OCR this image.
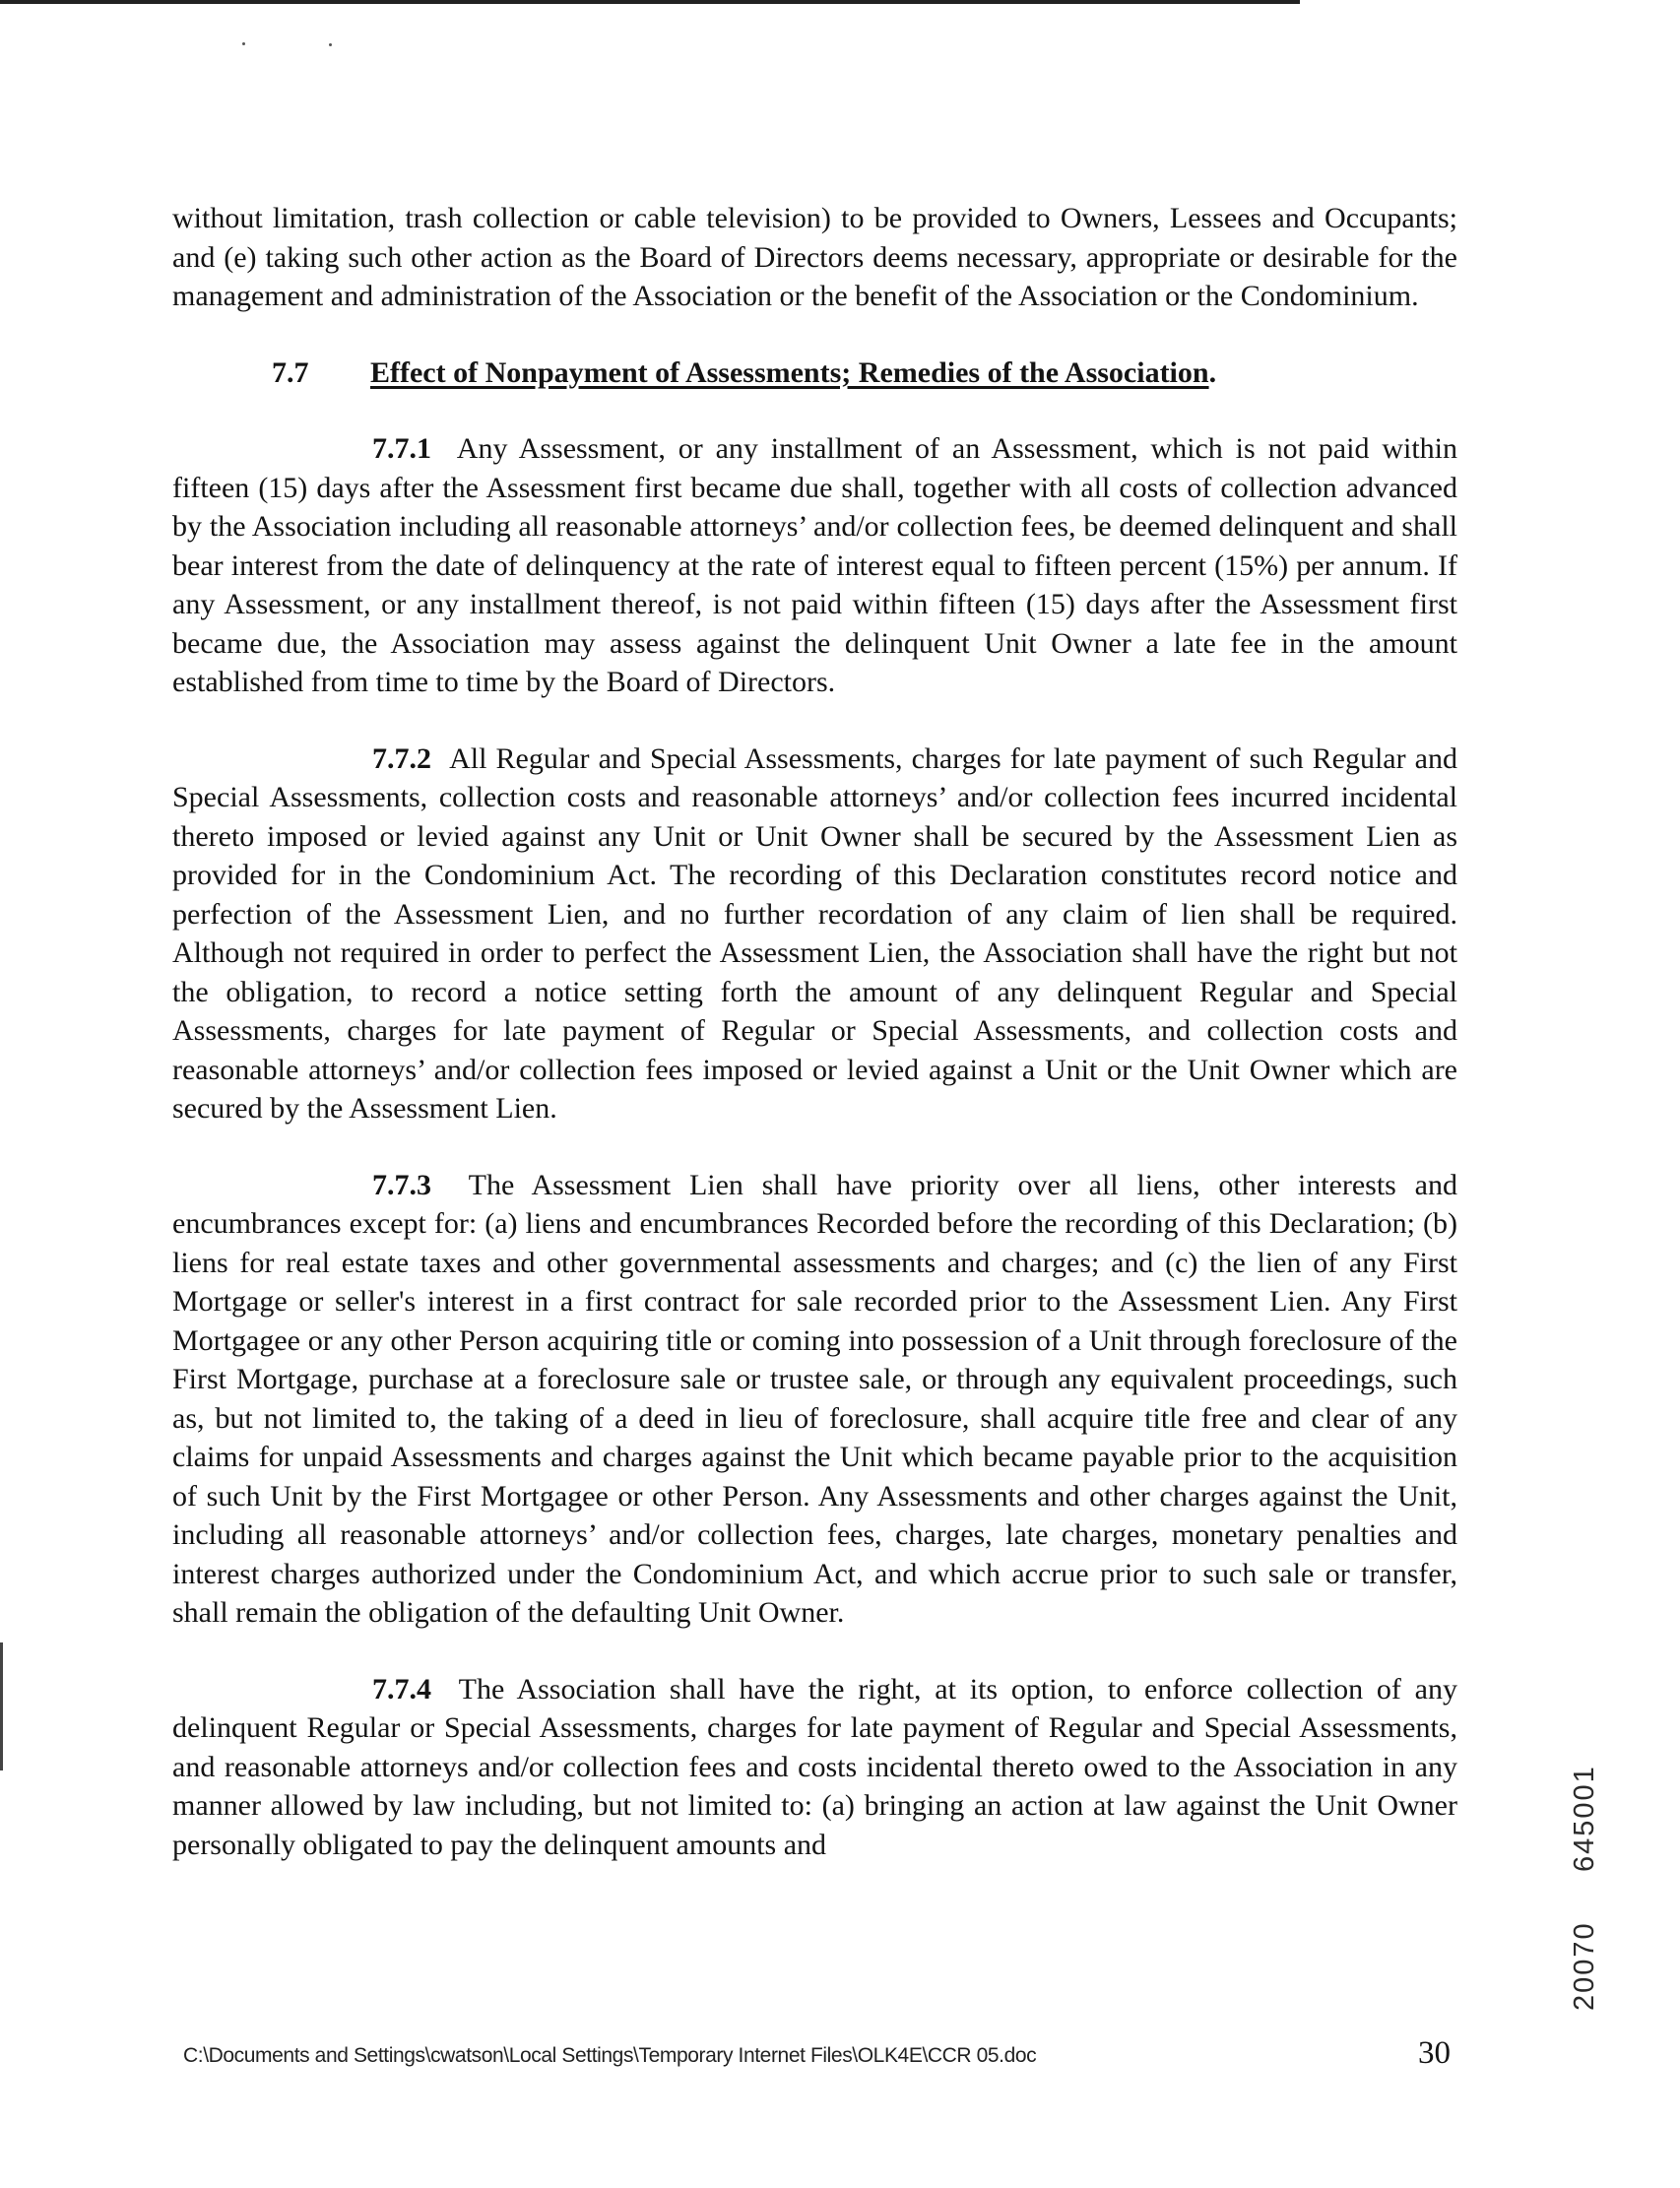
without limitation, trash collection or cable television) to be provided to Owners, Lessees and Occupants; and (e) taking such other action as the Board of Directors deems necessary, appropriate or desirable for the management and administration of the Association or the benefit of the Association or the Condominium.

7.7 Effect of Nonpayment of Assessments; Remedies of the Association.

7.7.1 Any Assessment, or any installment of an Assessment, which is not paid within fifteen (15) days after the Assessment first became due shall, together with all costs of collection advanced by the Association including all reasonable attorneys’ and/or collection fees, be deemed delinquent and shall bear interest from the date of delinquency at the rate of interest equal to fifteen percent (15%) per annum. If any Assessment, or any installment thereof, is not paid within fifteen (15) days after the Assessment first became due, the Association may assess against the delinquent Unit Owner a late fee in the amount established from time to time by the Board of Directors.

7.7.2 All Regular and Special Assessments, charges for late payment of such Regular and Special Assessments, collection costs and reasonable attorneys’ and/or collection fees incurred incidental thereto imposed or levied against any Unit or Unit Owner shall be secured by the Assessment Lien as provided for in the Condominium Act. The recording of this Declaration constitutes record notice and perfection of the Assessment Lien, and no further recordation of any claim of lien shall be required. Although not required in order to perfect the Assessment Lien, the Association shall have the right but not the obligation, to record a notice setting forth the amount of any delinquent Regular and Special Assessments, charges for late payment of Regular or Special Assessments, and collection costs and reasonable attorneys’ and/or collection fees imposed or levied against a Unit or the Unit Owner which are secured by the Assessment Lien.

7.7.3 The Assessment Lien shall have priority over all liens, other interests and encumbrances except for: (a) liens and encumbrances Recorded before the recording of this Declaration; (b) liens for real estate taxes and other governmental assessments and charges; and (c) the lien of any First Mortgage or seller's interest in a first contract for sale recorded prior to the Assessment Lien. Any First Mortgagee or any other Person acquiring title or coming into possession of a Unit through foreclosure of the First Mortgage, purchase at a foreclosure sale or trustee sale, or through any equivalent proceedings, such as, but not limited to, the taking of a deed in lieu of foreclosure, shall acquire title free and clear of any claims for unpaid Assessments and charges against the Unit which became payable prior to the acquisition of such Unit by the First Mortgagee or other Person. Any Assessments and other charges against the Unit, including all reasonable attorneys’ and/or collection fees, charges, late charges, monetary penalties and interest charges authorized under the Condominium Act, and which accrue prior to such sale or transfer, shall remain the obligation of the defaulting Unit Owner.

7.7.4 The Association shall have the right, at its option, to enforce collection of any delinquent Regular or Special Assessments, charges for late payment of Regular and Special Assessments, and reasonable attorneys and/or collection fees and costs incidental thereto owed to the Association in any manner allowed by law including, but not limited to: (a) bringing an action at law against the Unit Owner personally obligated to pay the delinquent amounts and

20070645001
C:\Documents and Settings\cwatson\Local Settings\Temporary Internet Files\OLK4E\CCR 05.doc	30
